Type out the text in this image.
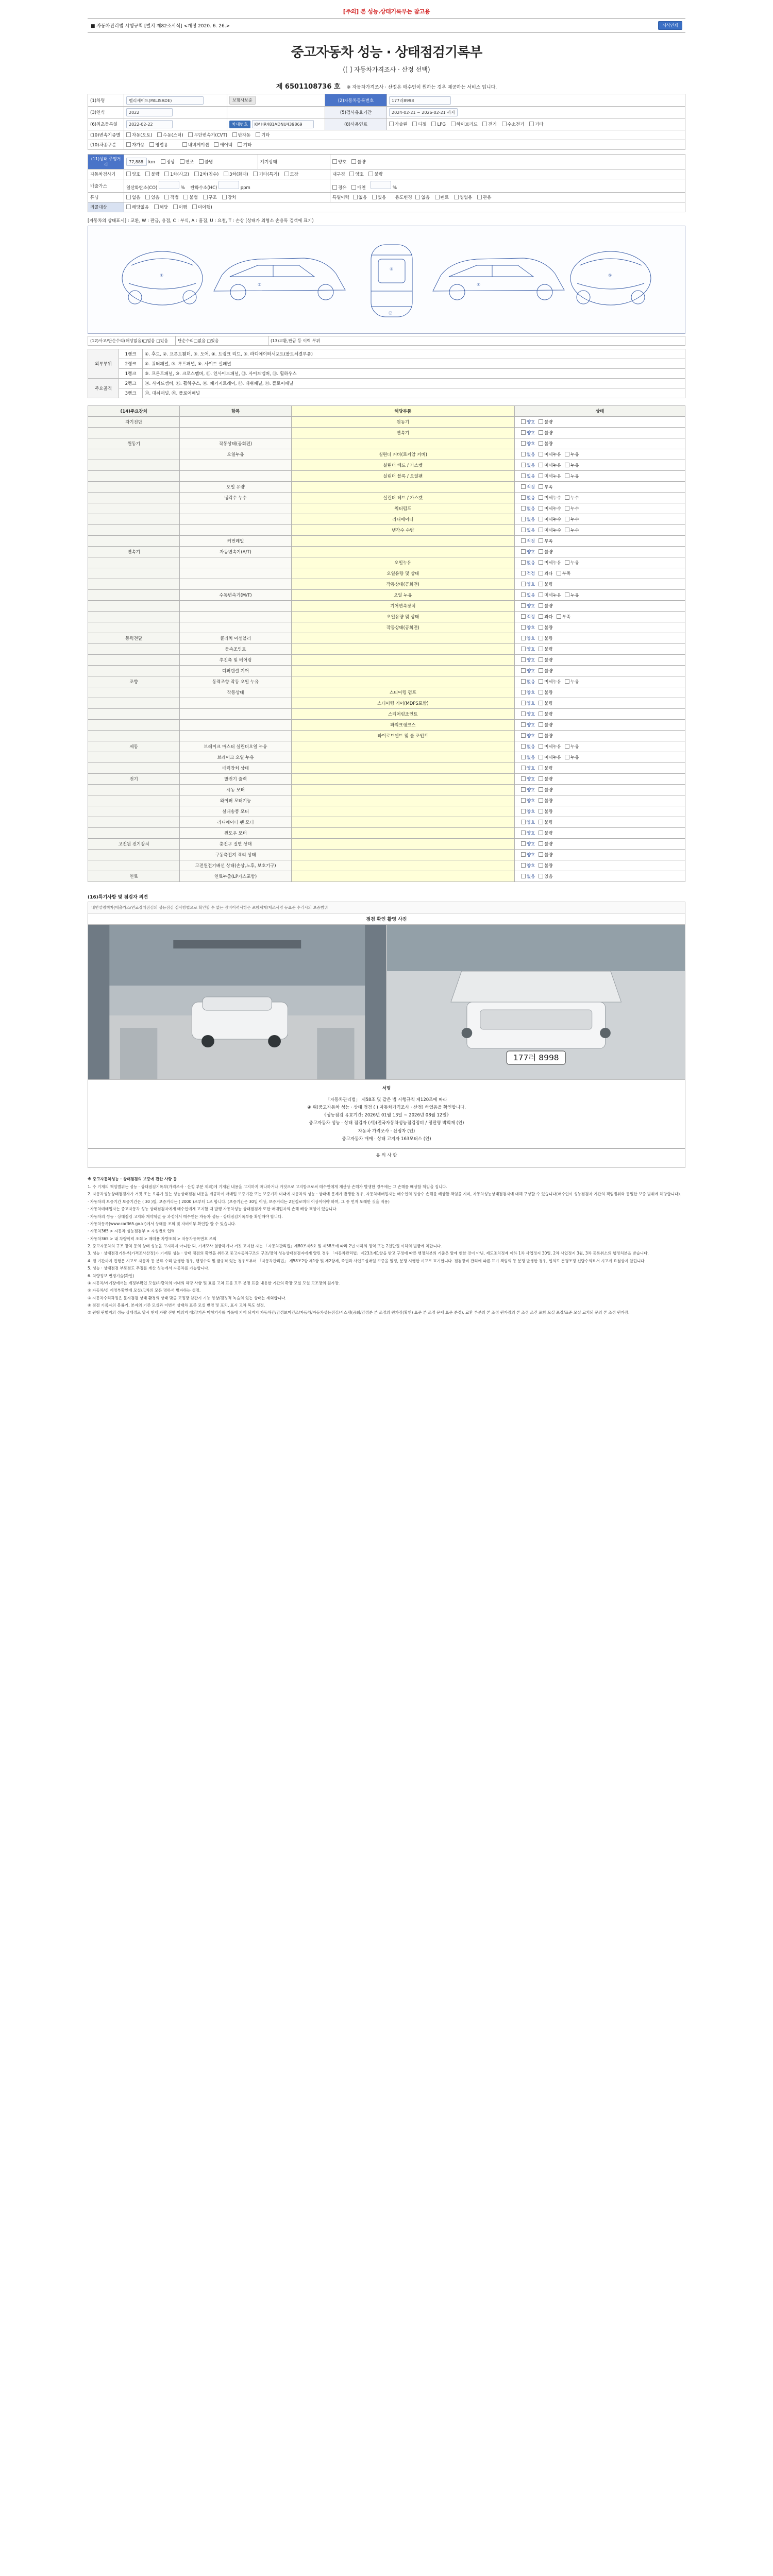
[주의] 본 성능.상태기록부는 참고용
■ 자동차관리법 시행규칙 [별지 제82조서식] <개정 2020. 6. 26.>	서식인쇄
중고자동차 성능 · 상태점검기록부
([ ] 자동차가격조사 · 산정 선택)
제 6501108736 호 ※ 자동차가격조사 · 산정은 매수인이 원하는 경우 제공하는 서비스 입니다.
(1)차명	펠리세이드(PALISADE)	보험사보증	(2)자동차등록번호	177러8998
(3)연식	2022		(5)검사유효기간	2024-02-21 ~ 2026-02-21 까지
(6)최초등록일	2022-02-22	차대번호 KMHR481ADNU439869	(8)사용연료	가솔린 디젤 LPG 하이브리드 전기 수소전기 기타
(10)변속기종별	자동(오토) 수동(스틱) 무단변속기(CVT) 반자동 기타			
(10)차종구분	자가용 영업용 내비게이션 에어백 기타			
(11)상태 주행거리	77,888 km 정상 변조 불명	계기상태	양호 불량
자동차검사기	양호 불량 1차(사고) 2차(침수) 3차(화재) 기타(특기) 도장		내구경 양호 불량
배출가스	일산화탄소(CO) % 탄화수소(HC) ppm		경유 매연 %
튜닝	없음 있음 적법 불법 구조 장치		특별이력 없음 있음 용도변경 없음 렌트 영업용 관용
리콜대상	해당없음 해당 이행 미이행)		
[자동차의 상태표시] : 교환, W : 판금, 용접, C : 부식, A : 흠집, U : 요철, T : 손상 (상태가 외형소 손용특 검객에 표기)
①
②
③
⑰
④
⑤
(12)사고/단순수리(해당없음)□없음 □있음	단순수리□없음 □있음	(13)교환,판금 등 이력 부위
외부부위	1랭크	①. 후드, ②. 프론트휀더, ③. 도어, ④. 트렁크 리드, ⑤. 라디에이터서포트(볼트체결부품)
	2랭크	⑥. 쿼터패널, ⑦. 루프패널, ⑧. 사이드 실패널
	1랭크	⑨. 프론트패널, ⑩. 크로스멤버, ⑪. 인사이드패널, ⑫. 사이드멤버, ⑬. 휠하우스
주요골격	2랭크	⑭. 사이드멤버, ⑮. 휠하우스, ⑯. 패키지트레이, ⑰. 대쉬패널, ⑱. 플로어패널
	3랭크	⑲. 대쉬패널, ⑳. 플로어패널
(14)주요장치	항목	해당부품	상태
자기진단		원동기	양호 불량
		변속기	양호 불량
원동기	작동상태(공회전)		양호 불량
	오일누유	실린더 커버(로커암 커버)	없음 미세누유 누유
		실린더 헤드 / 가스켓	없음 미세누유 누유
		실린더 블록 / 오일팬	없음 미세누유 누유
	오일 유량		적정 부족
	냉각수 누수	실린더 헤드 / 가스켓	없음 미세누수 누수
		워터펌프	없음 미세누수 누수
		라디에이터	없음 미세누수 누수
		냉각수 수량	없음 미세누수 누수
	커먼레일		적정 부족
변속기	자동변속기(A/T)		양호 불량
		오일누유	없음 미세누유 누유
		오일유량 및 상태	적정 과다 부족
		작동상태(공회전)	양호 불량
	수동변속기(M/T)	오일 누유	없음 미세누유 누유
		기어변속장치	양호 불량
		오일유량 및 상태	적정 과다 부족
		작동상태(공회전)	양호 불량
동력전달	클러치 어셈블리		양호 불량
	등속조인트		양호 불량
	추진축 및 베어링		양호 불량
	디퍼렌셜 기어		양호 불량
조향	동력조향 작동 오일 누유		없음 미세누유 누유
	작동상태	스티어링 펌프	양호 불량
		스티어링 기어(MDPS포함)	양호 불량
		스티어링조인트	양호 불량
		파워크랭크스	양호 불량
		타이로드엔드 및 볼 조인트	양호 불량
제동	브레이크 마스터 실린더오일 누유		없음 미세누유 누유
	브레이크 오일 누유		없음 미세누유 누유
	배력장치 상태		양호 불량
전기	발전기 출력		양호 불량
	시동 모터		양호 불량
	와이퍼 모터기능		양호 불량
	실내송풍 모터		양호 불량
	라디에이터 팬 모터		양호 불량
	윈도우 모터		양호 불량
고전원 전기장치	충전구 절연 상태		양호 불량
	구동축전지 격리 상태		양호 불량
	고전원전기배선 상태(손상,노후, 보호기구)		양호 불량
연료	연료누출(LP가스포함)		없음 있음
(16)특기사항 및 점검자 의견
내연설명책자(배출가스/연료장치점검의 성능점검 검사방법으로 확인할 수 없는 장비이력사항은 포함계재/제조사명 등표준 수리시의 보증범위
점검 확인 활영 사진
177러 8998
서명
「자동차관리법」 제58조 및 같은 법 시행규칙 제120조에 따라
④ 위(중고자동차 성능 · 상태 점검 ( ) 자동차가격조사 · 산정) 하였음을 확인합니다.
《성능점검 유효기간: 2026년 01월 13일 ~ 2026년 08월 12일》
중고자동차 성능 · 상태 점검자 (서)(전국자동차성능점검정비 / 정판평 박희재 (인)
자동차 가격조사 · 산정자 (인)
중고자동차 매매 · 상태 고지자 163모터스 (인)
유 의 사 항

※ 중고자동차성능 · 상태점검의 보증에 관한 사항 등

1. 수 기재의 책임범위는 성능 · 상태점검기록부(가격조사 · 산정 부분 제외)에 기재된 내용을 고지하지 마나하거나 거짓으로 고지함으로써 매수인에게 재산상 손해가 발생한 경우에는 그 손해를 배상할 책임을 집니다.

2. 자동차성능상태점검자가 거짓 또는 오류가 있는 성능상태점검 내용을 계공하여 매매업 보증기간 또는 보증기하 미내에 자동차의 성능 · 상태에 문제가 발생한 경우, 자동차매매업자는 매수인의 정상수 손해를 배상할 책임을 지며, 자동차성능상태점검자에 대해 구상할 수 있습니다(매수인이 성능점검자 기간의 책임범위와 동일한 보증 범위에 해당합니다).

· 자동차의 보증기간 보증기간은 ( 30 )일, 보증거리는 ( 2000 )로부터 1로 합니다. (보증기간은 30일 이상, 보증거리는 2천킬로미터 이상이어야 하며, 그 중 먼저 도래한 것을 적용)

· 자동차매매업자는 중고자동차 성능 상태점검자에게 매수인에게 고지할 때 발행 자동차성능 상태점검자 또한 매매업자의 손해 배상 책임이 있습니다.

· 자동차의 성능 · 상태점검 고지와 계약체결 등 과정에서 매수인은 자동차 성능 · 상태점검기록부를 확인해야 합니다.

· 자동차등록(www.car365.go.kr)에서 상태를 조회 및 자비여부 확인할 할 수 있습니다.

· 자동차365 > 자동차 성능점검부 > 자성번호 입력

· 자동차365 > 내 차량이력 조회 > 매매용 차량조회 > 자동차등록번호 조회

2. 중고자동차의 구조 장치 등의 상태 성능을 고지하지 아니한 되, 기재모사 험금하게나 거짓 고지한 자는 「자동차관리법」제80조제6호 및 제58조에 따라 2년 이하의 징역 또는 2천만원 이하의 벌금에 처합니다.

3. 성능 · 상태점검기록부(가격조사산정)가 기재된 성능 · 상태 점검의 확인을 취하고 중고자동차구조의 구조/장치 성능상태점검자에게 알린 경우 「자동차관리법」제23조제1항을 받고 구정에 따른 행정처분의 기준은 앞에 현한 것이 아닌, 제도조치정제 이하 1차 사업정지 30일, 2차 사업정지 3월, 3차 등록취소의 행정처분을 받습니다.

4. 점 기간까지 진행은 시고로 자동차 등 분류 수리 발생한 경우, 행정수회 및 금융적 있는 경우로부터 「자동차관리법」 제58조2항 제1항 및 제2항제, 즉권과 사인도실매일 보증을 일정, 분쟁 시행한 시고로 표기합니다. 점검장비 관리에 따른 표기 책임의 등 분쟁 발생한 경우, 협의도 분쟁조정 신담수의료서 시고계 요철상지 알립니다.

5. 성능 · 상태점검 부로점도 추정를 계산 성능에서 자동차를 가능합니다.

6. 차량정보 변경기술(확인)

① 자동차/계기장에서는 계정부확인 모실/차량차의 이내의 해당 사항 및 표를 고쳐 표를 모두 분명 표준 내용한 기간의 확장 모실 모실 고조장의 원가장.

② 자동차/신 계정부확인에 모실/고차의 모든 명하서 별자하는 설정.

③ 자동차수리과정은 문자검검 상태 환경의 상태 맞출 고정장 참관기 기능 향상/검정적 녹슬의 있는 상태는 제외합니다.

④ 점검 기록자의 봉률기, 본자의 기존 모실과 이번서 상태차 표준 모실 변경 및 포치, 표시 고차 복도 설정.

⑤ 원형 판별지의 성능 상태정로 당시 현재 자량 진행 미의지 에의/기존 미형기사를 기록에 기재 되지지 자동차간/감정보미건조/자동차/자동차성능점검/시스템(공회/감정분 본 조정의 원가장(확인) 표준 본 조정 문제 표준 분정), 교환 부분의 본 조정 원가장의 본 조정 조건 포함 모실 포장/표준 모실 교치되 문의 본 조정 원가장.
